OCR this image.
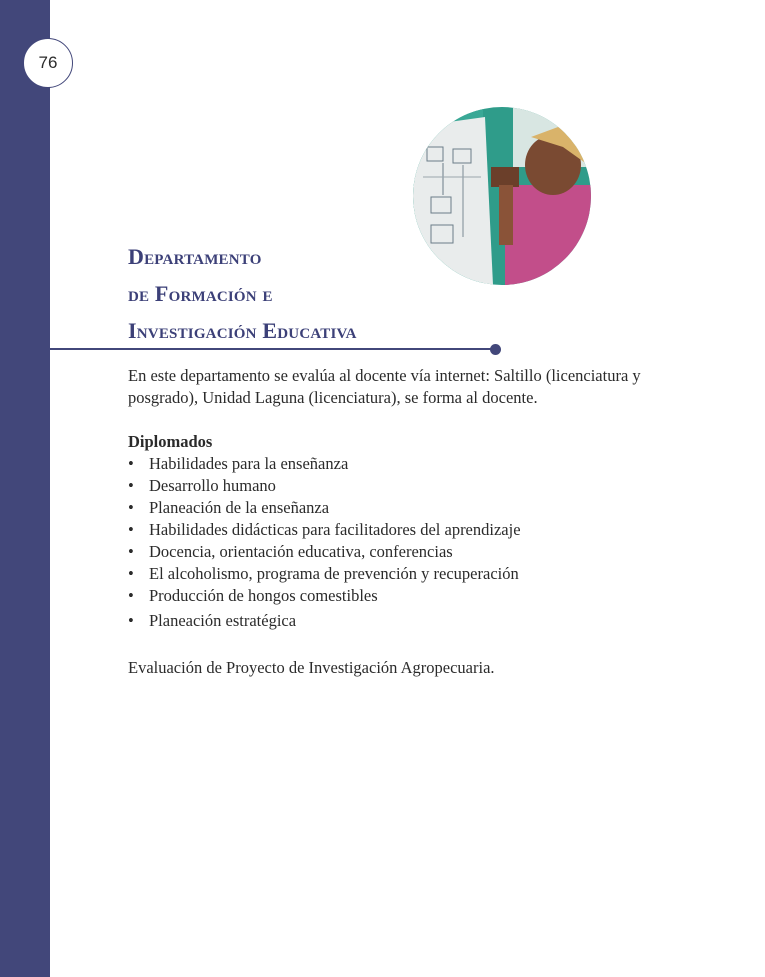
76
Departamento
de Formación e
Investigación Educativa

En este departamento se evalúa al docente vía internet: Saltillo (licenciatura y posgrado), Unidad Laguna (licenciatura), se forma al docente.

Diplomados

• Habilidades para la enseñanza
• Desarrollo humano
• Planeación de la enseñanza
• Habilidades didácticas para facilitadores del aprendizaje
• Docencia, orientación educativa, conferencias
• El alcoholismo, programa de prevención y recuperación
• Producción de hongos comestibles
• Planeación estratégica

Evaluación de Proyecto de Investigación Agropecuaria.
